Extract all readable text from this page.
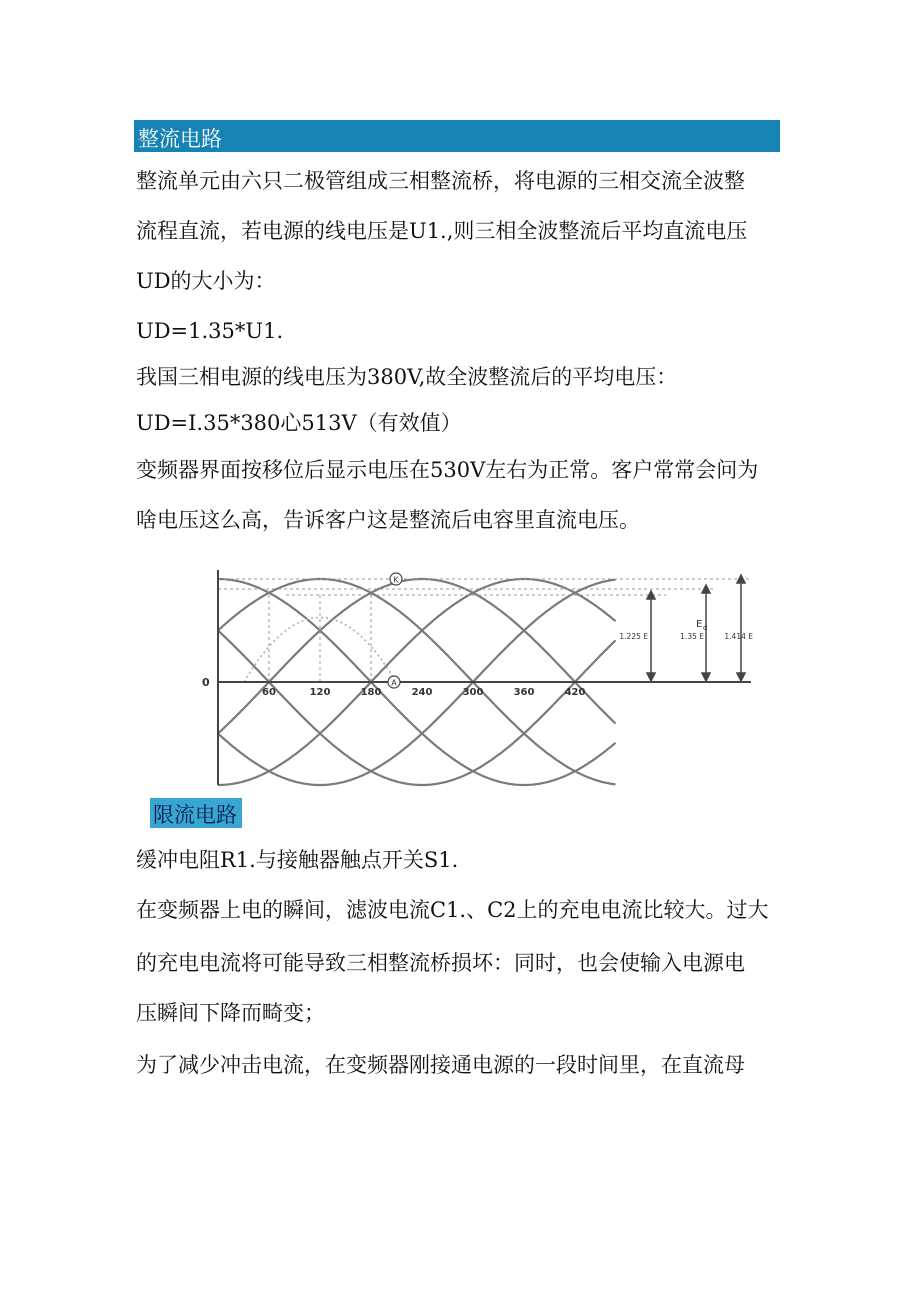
整流电路
整流单元由六只二极管组成三相整流桥，将电源的三相交流全波整
流程直流，若电源的线电压是U1.,则三相全波整流后平均直流电压
UD的大小为：
UD=1.35*U1.
我国三相电源的线电压为380V,故全波整流后的平均电压：
UD=I.35*380心513V（有效值）
变频器界面按移位后显示电压在530V左右为正常。客户常常会问为
啥电压这么高，告诉客户这是整流后电容里直流电压。
0
60	120	180	240	300	360	420
K
A
1.225 E
E d
1.35 E	1.414 E
限流电路
缓冲电阻R1.与接触器触点开关S1.
在变频器上电的瞬间，滤波电流C1.、C2上的充电电流比较大。过大
的充电电流将可能导致三相整流桥损坏：同时，也会使输入电源电
压瞬间下降而畸变；
为了减少冲击电流，在变频器刚接通电源的一段时间里，在直流母
